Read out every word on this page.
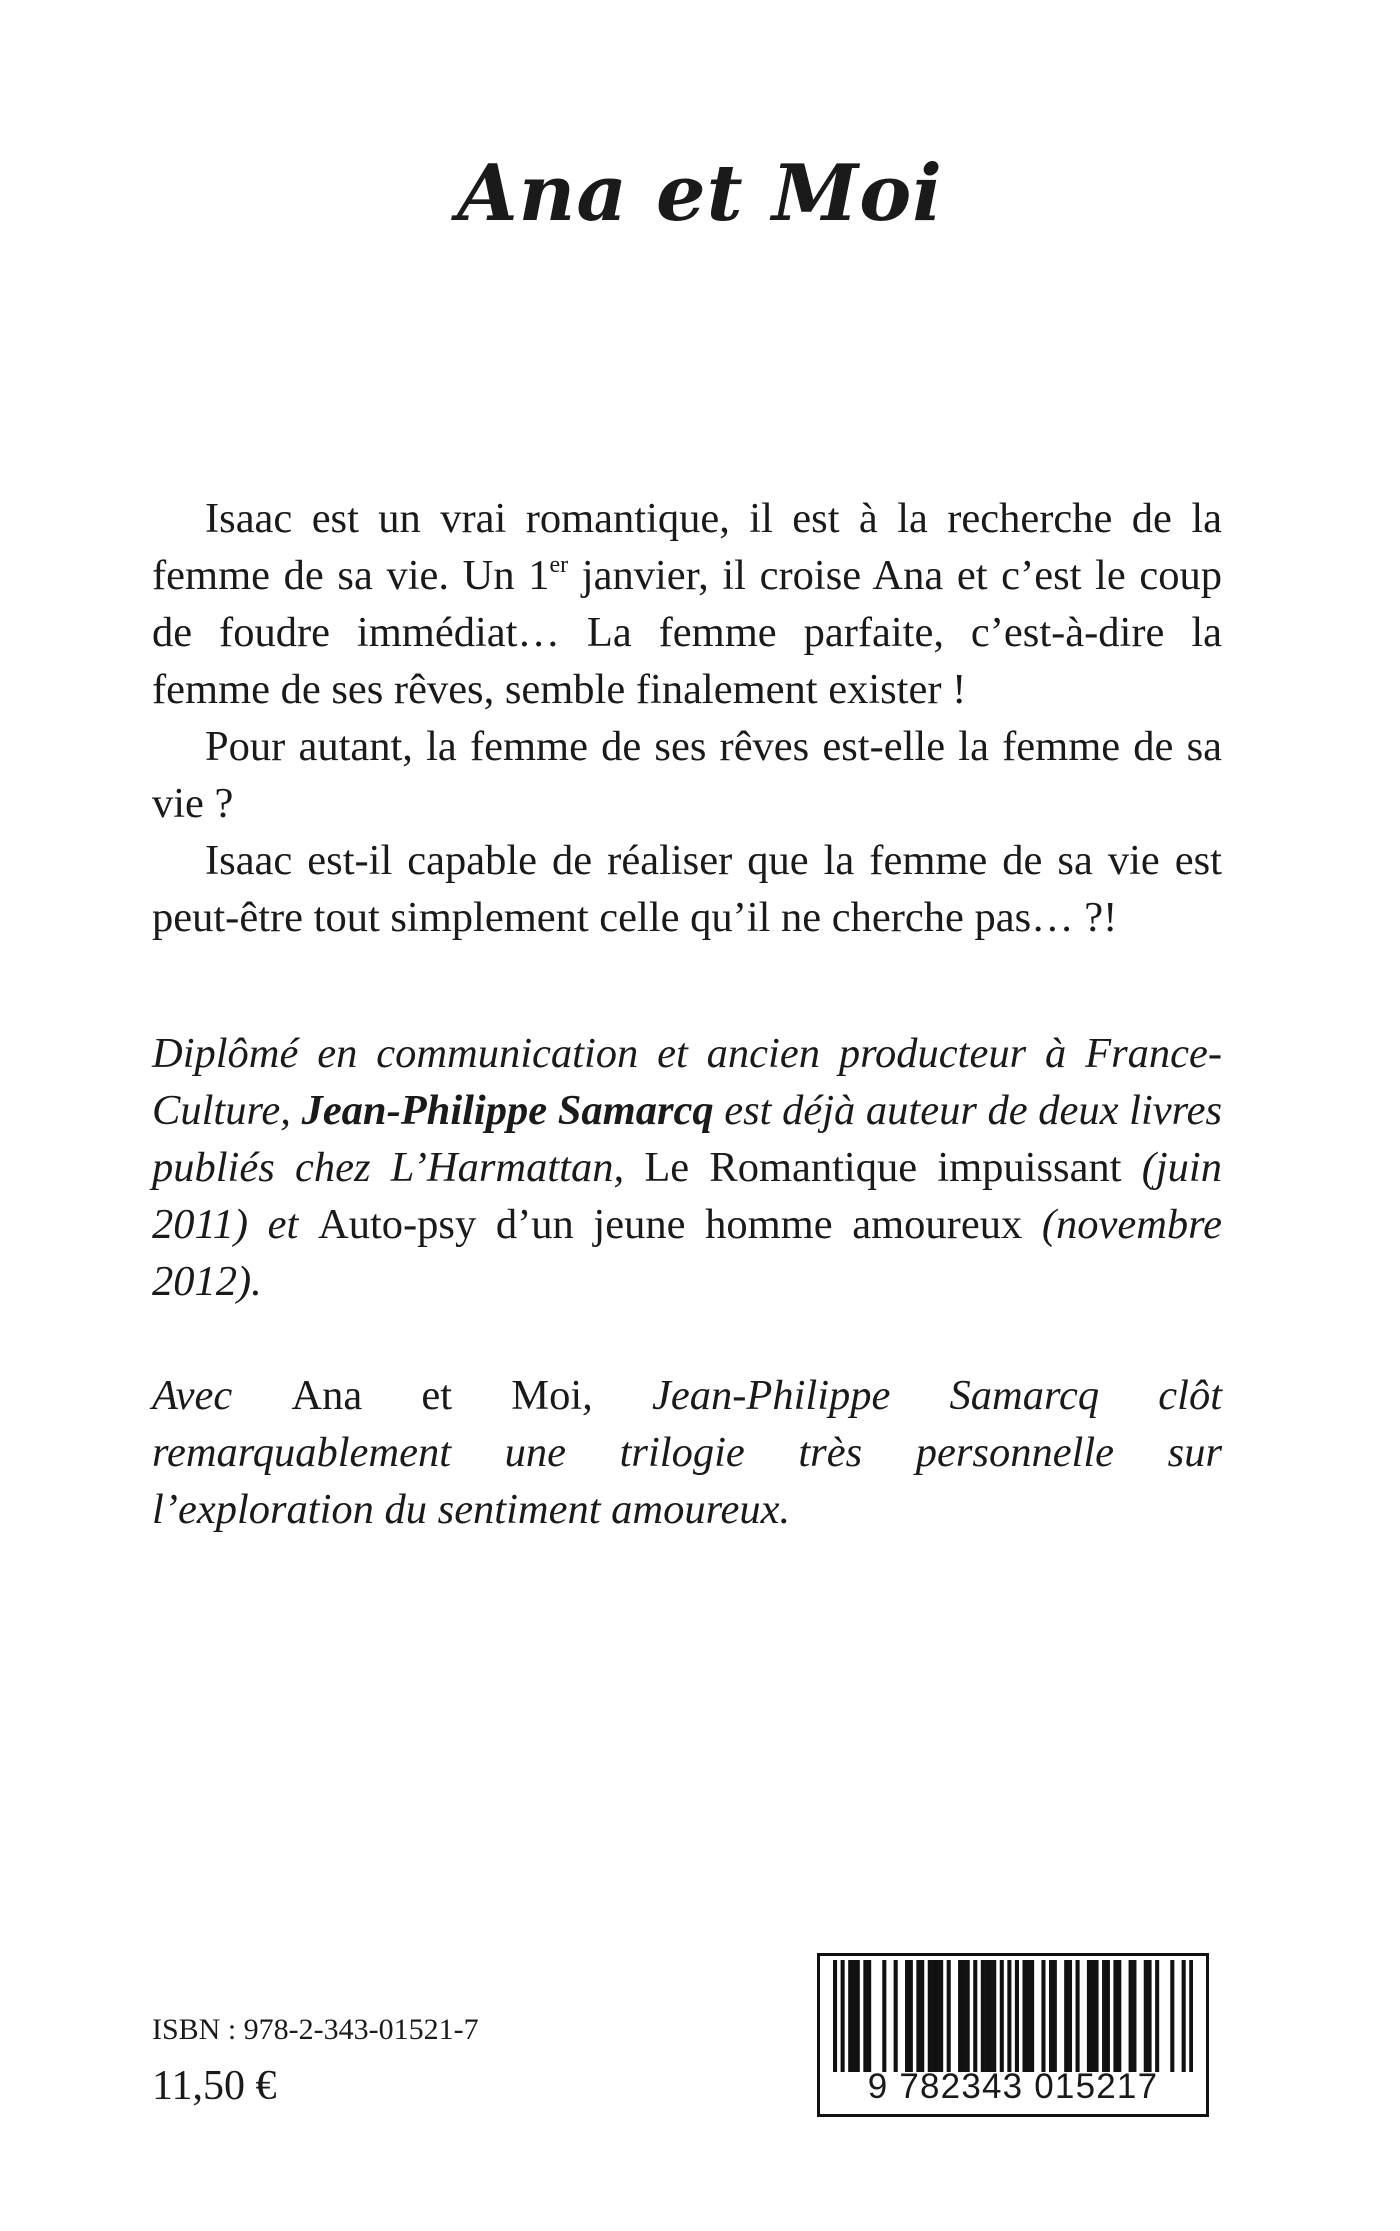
Ana et Moi

Isaac est un vrai romantique, il est à la recherche de la femme de sa vie. Un 1er janvier, il croise Ana et c’est le coup de foudre immédiat… La femme parfaite, c’est-à-dire la femme de ses rêves, semble finalement exister !

Pour autant, la femme de ses rêves est-elle la femme de sa vie ?

Isaac est-il capable de réaliser que la femme de sa vie est peut-être tout simplement celle qu’il ne cherche pas… ?!

Diplômé en communication et ancien producteur à France-Culture, Jean-Philippe Samarcq est déjà auteur de deux livres publiés chez L’Harmattan, Le Romantique impuissant (juin 2011) et Auto-psy d’un jeune homme amoureux (novembre 2012).

Avec Ana et Moi, Jean-Philippe Samarcq clôt remarquablement une trilogie très personnelle sur l’exploration du sentiment amoureux.

ISBN : 978-2-343-01521-7
11,50 €	9 782343 015217
